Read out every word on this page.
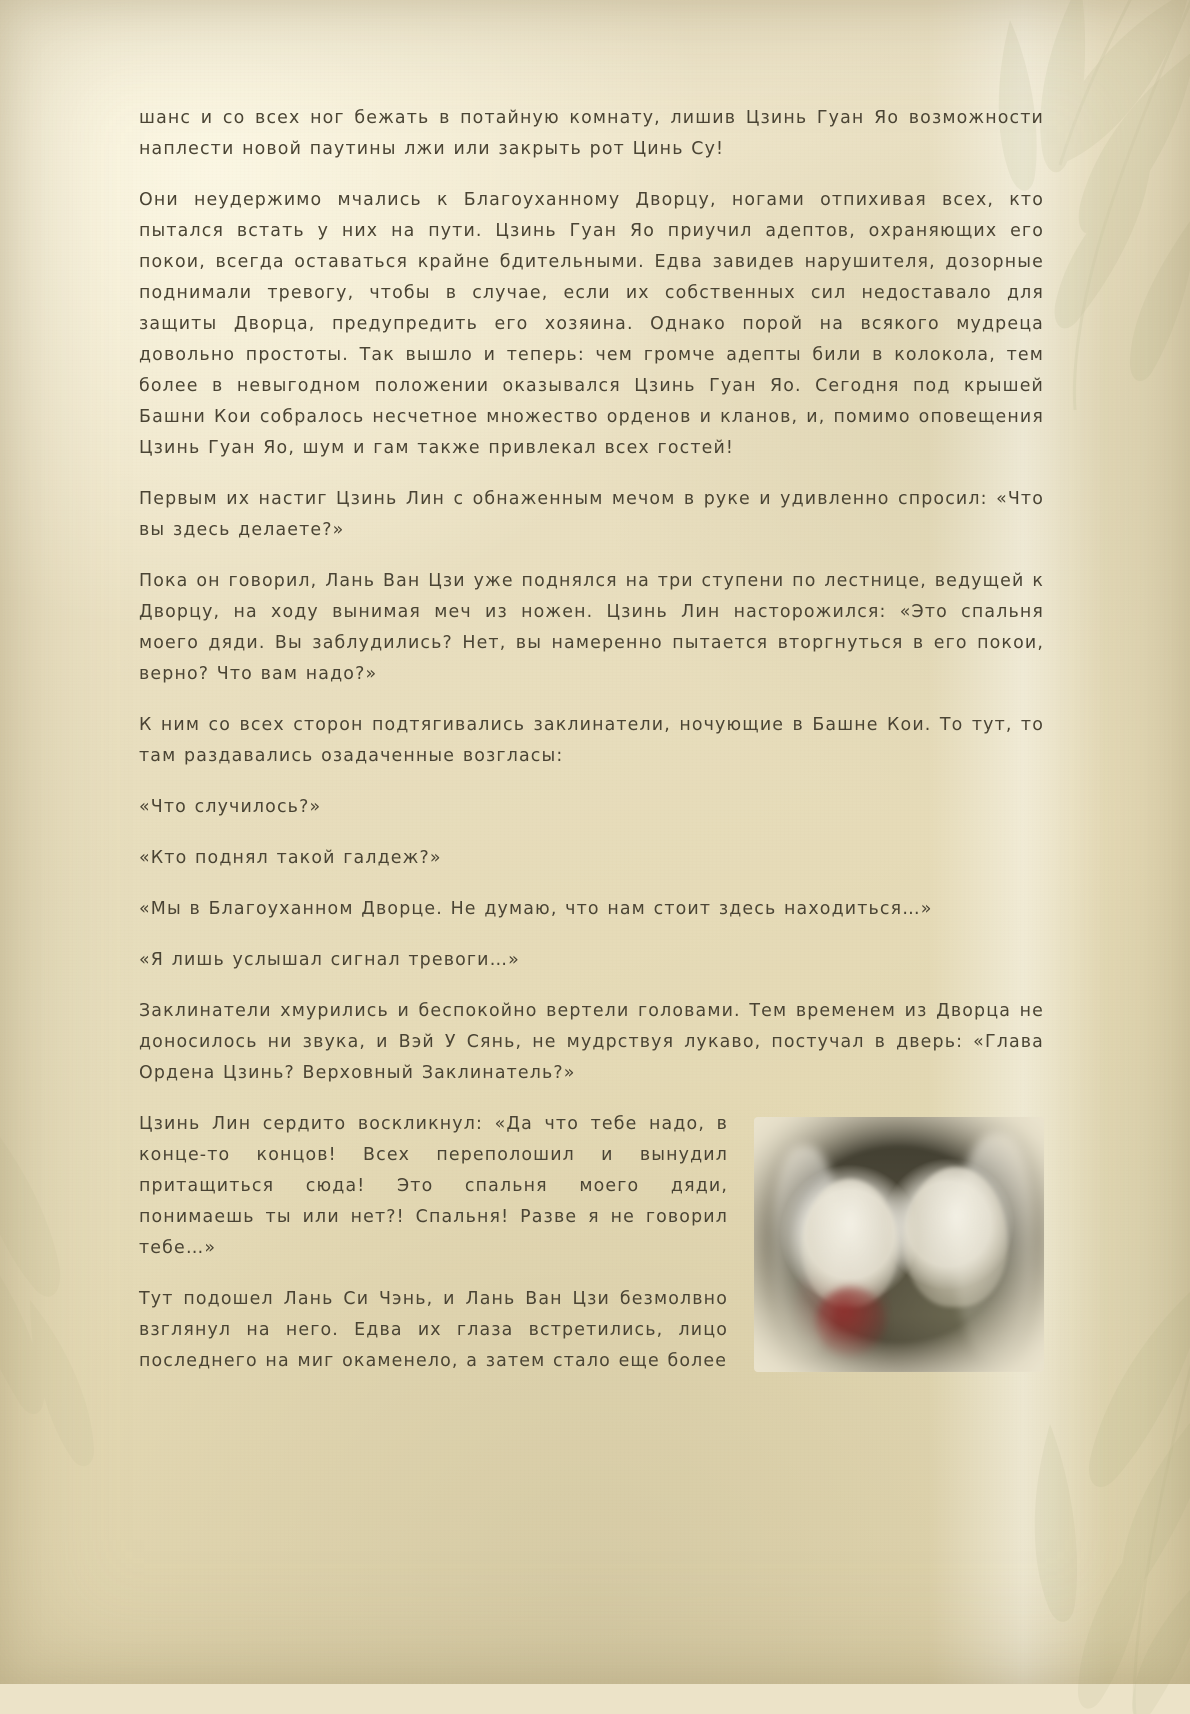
шанс и со всех ног бежать в потайную комнату, лишив Цзинь Гуан Яо возможности наплести новой паутины лжи или закрыть рот Цинь Су!

Они неудержимо мчались к Благоуханному Дворцу, ногами отпихивая всех, кто пытался встать у них на пути. Цзинь Гуан Яо приучил адептов, охраняющих его покои, всегда оставаться крайне бдительными. Едва завидев нарушителя, дозорные поднимали тревогу, чтобы в случае, если их собственных сил недоставало для защиты Дворца, предупредить его хозяина. Однако порой на всякого мудреца довольно простоты. Так вышло и теперь: чем громче адепты били в колокола, тем более в невыгодном положении оказывался Цзинь Гуан Яо. Сегодня под крышей Башни Кои собралось несчетное множество орденов и кланов, и, помимо оповещения Цзинь Гуан Яо, шум и гам также привлекал всех гостей!

Первым их настиг Цзинь Лин с обнаженным мечом в руке и удивленно спросил: «Что вы здесь делаете?»

Пока он говорил, Лань Ван Цзи уже поднялся на три ступени по лестнице, ведущей к Дворцу, на ходу вынимая меч из ножен. Цзинь Лин насторожился: «Это спальня моего дяди. Вы заблудились? Нет, вы намеренно пытается вторгнуться в его покои, верно? Что вам надо?»

К ним со всех сторон подтягивались заклинатели, ночующие в Башне Кои. То тут, то там раздавались озадаченные возгласы:

«Что случилось?»

«Кто поднял такой галдеж?»

«Мы в Благоуханном Дворце. Не думаю, что нам стоит здесь находиться…»

«Я лишь услышал сигнал тревоги…»

Заклинатели хмурились и беспокойно вертели головами. Тем временем из Дворца не доносилось ни звука, и Вэй У Сянь, не мудрствуя лукаво, постучал в дверь: «Глава Ордена Цзинь? Верховный Заклинатель?»

Цзинь Лин сердито воскликнул: «Да что тебе надо, в конце-то концов! Всех переполошил и вынудил притащиться сюда! Это спальня моего дяди, понимаешь ты или нет?! Спальня! Разве я не говорил тебе…»

Тут подошел Лань Си Чэнь, и Лань Ван Цзи безмолвно взглянул на него. Едва их глаза встретились, лицо последнего на миг окаменело, а затем стало еще более
